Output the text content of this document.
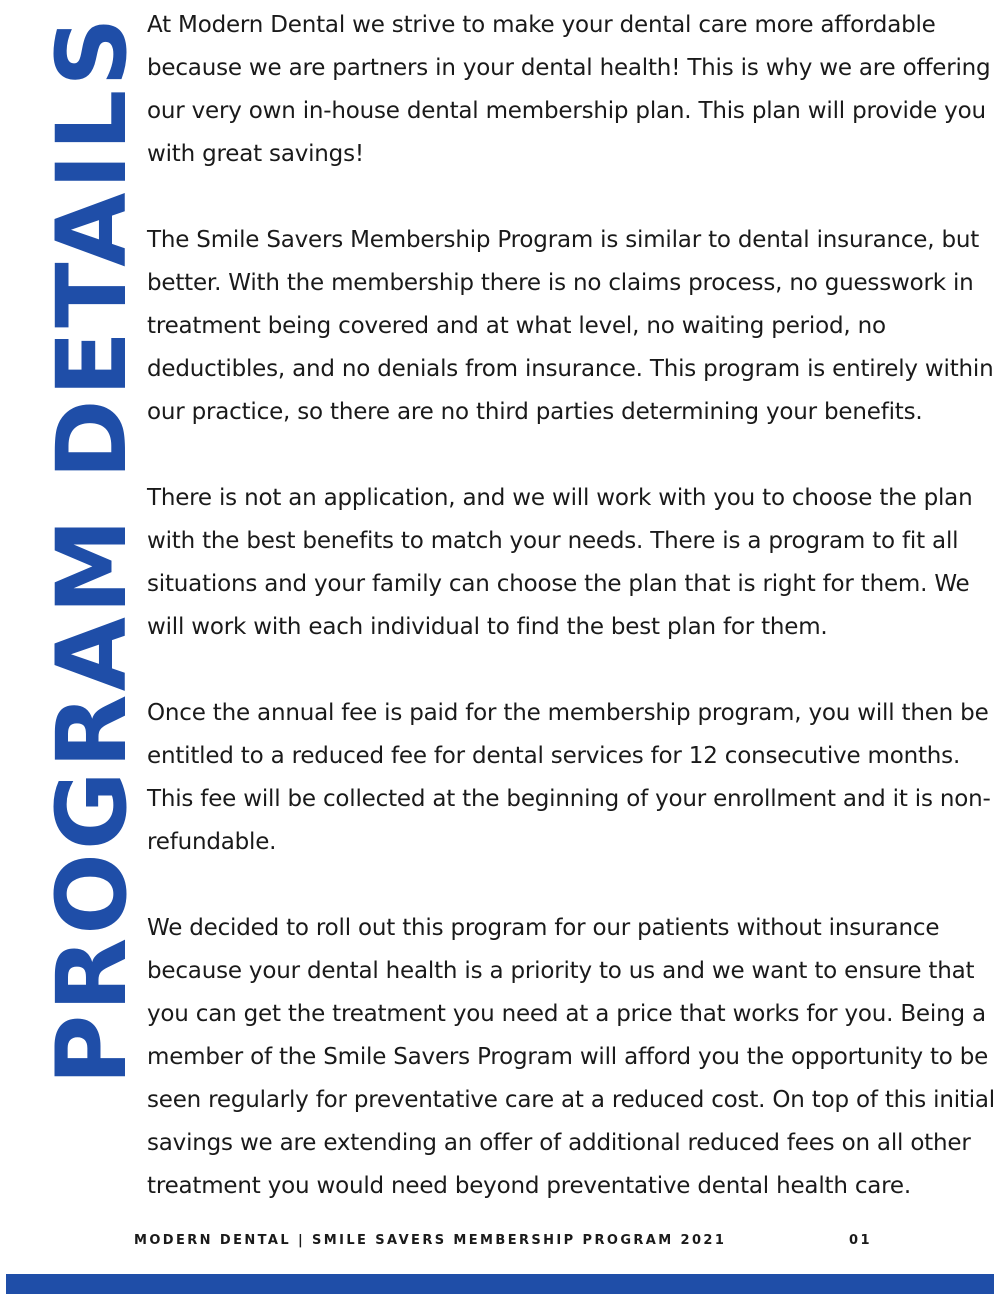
PROGRAM DETAILS At Modern Dental we strive to make your dental care more affordable because we are partners in your dental health! This is why we are offering our very own in-house dental membership plan. This plan will provide you with great savings!

The Smile Savers Membership Program is similar to dental insurance, but better. With the membership there is no claims process, no guesswork in treatment being covered and at what level, no waiting period, no deductibles, and no denials from insurance. This program is entirely within our practice, so there are no third parties determining your benefits.

There is not an application, and we will work with you to choose the plan with the best benefits to match your needs. There is a program to fit all situations and your family can choose the plan that is right for them. We will work with each individual to find the best plan for them.

Once the annual fee is paid for the membership program, you will then be entitled to a reduced fee for dental services for 12 consecutive months. This fee will be collected at the beginning of your enrollment and it is non-refundable.

We decided to roll out this program for our patients without insurance because your dental health is a priority to us and we want to ensure that you can get the treatment you need at a price that works for you. Being a member of the Smile Savers Program will afford you the opportunity to be seen regularly for preventative care at a reduced cost. On top of this initial savings we are extending an offer of additional reduced fees on all other treatment you would need beyond preventative dental health care.

MODERN DENTAL | SMILE SAVERS MEMBERSHIP PROGRAM 2021	01
